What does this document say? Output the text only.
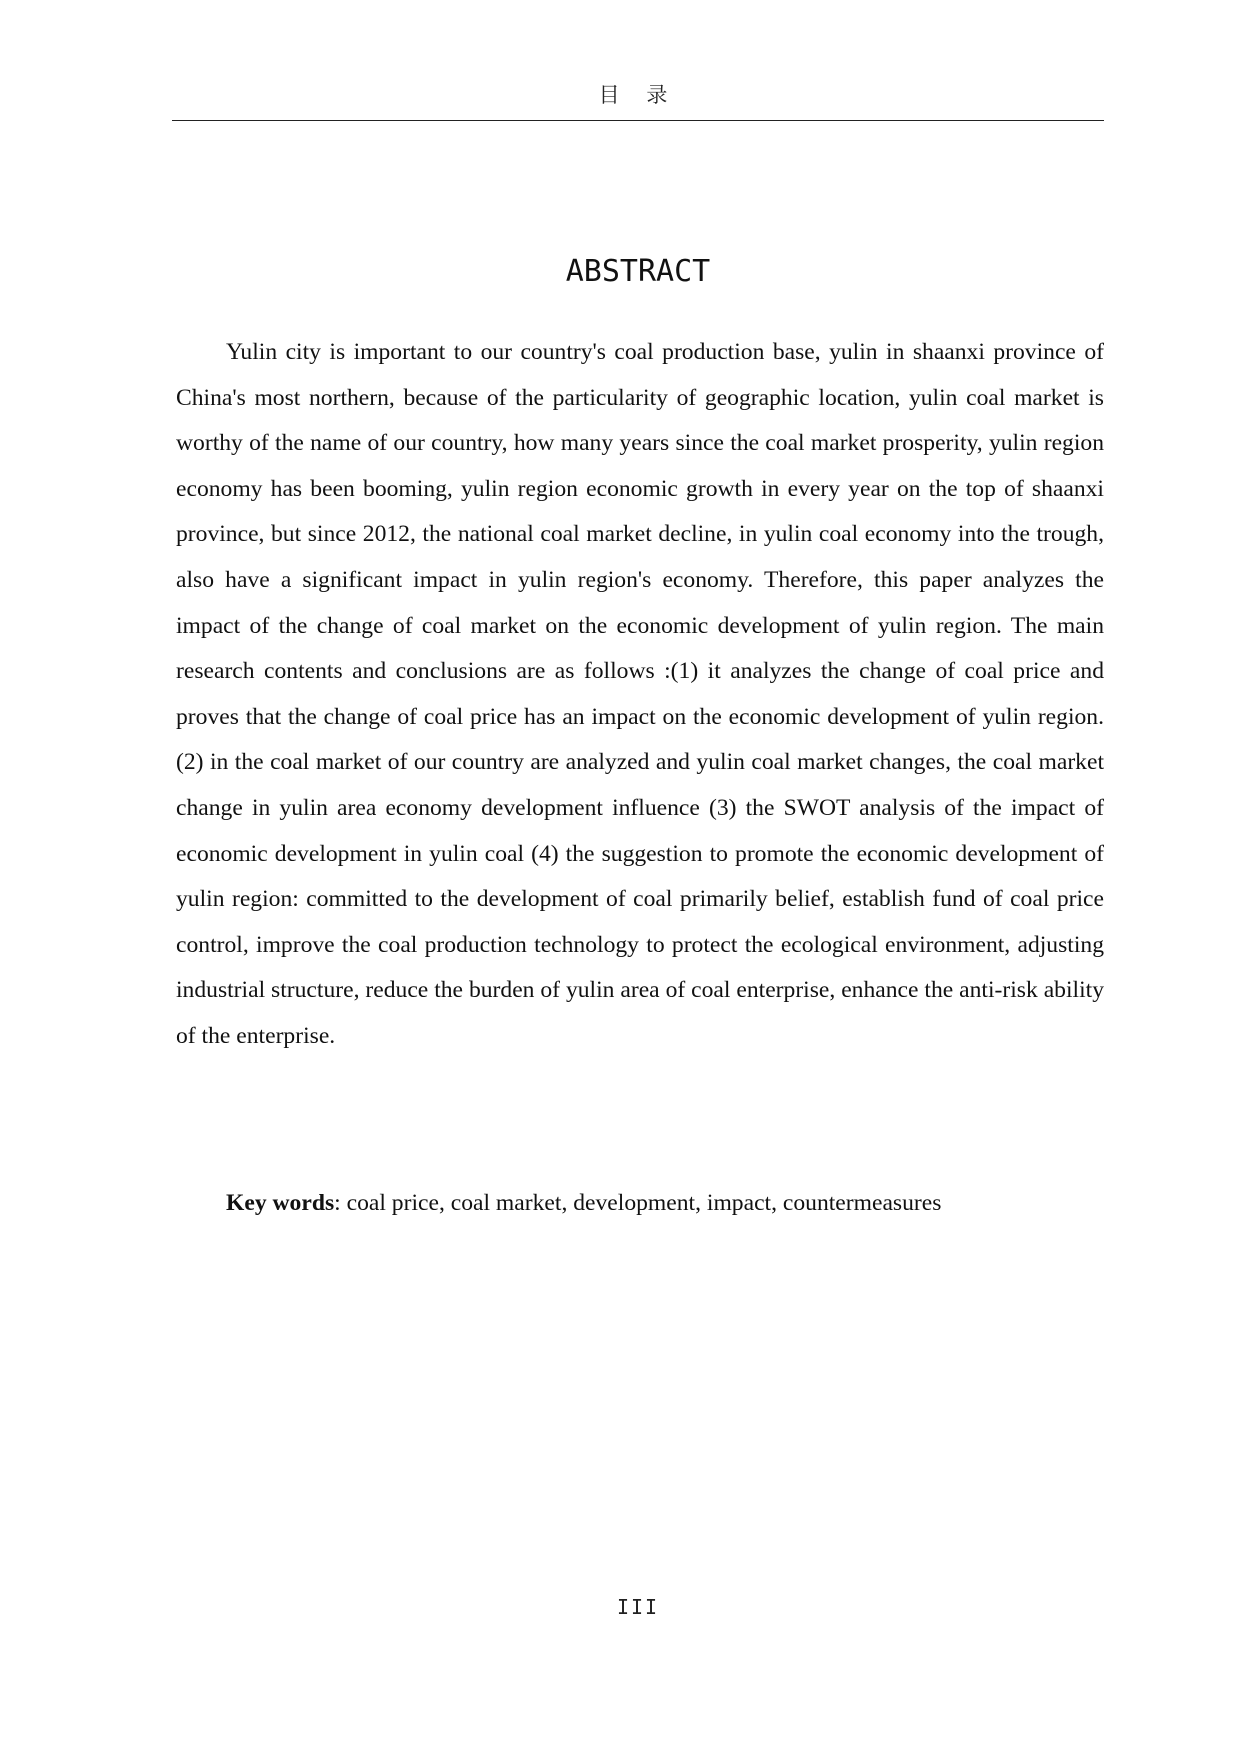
目 录
ABSTRACT

Yulin city is important to our country's coal production base, yulin in shaanxi province of China's most northern, because of the particularity of geographic location, yulin coal market is worthy of the name of our country, how many years since the coal market prosperity, yulin region economy has been booming, yulin region economic growth in every year on the top of shaanxi province, but since 2012, the national coal market decline, in yulin coal economy into the trough, also have a significant impact in yulin region's economy. Therefore, this paper analyzes the impact of the change of coal market on the economic development of yulin region. The main research contents and conclusions are as follows :(1) it analyzes the change of coal price and proves that the change of coal price has an impact on the economic development of yulin region. (2) in the coal market of our country are analyzed and yulin coal market changes, the coal market change in yulin area economy development influence (3) the SWOT analysis of the impact of economic development in yulin coal (4) the suggestion to promote the economic development of yulin region: committed to the development of coal primarily belief, establish fund of coal price control, improve the coal production technology to protect the ecological environment, adjusting industrial structure, reduce the burden of yulin area of coal enterprise, enhance the anti-risk ability of the enterprise.

Key words: coal price, coal market, development, impact, countermeasures

III
